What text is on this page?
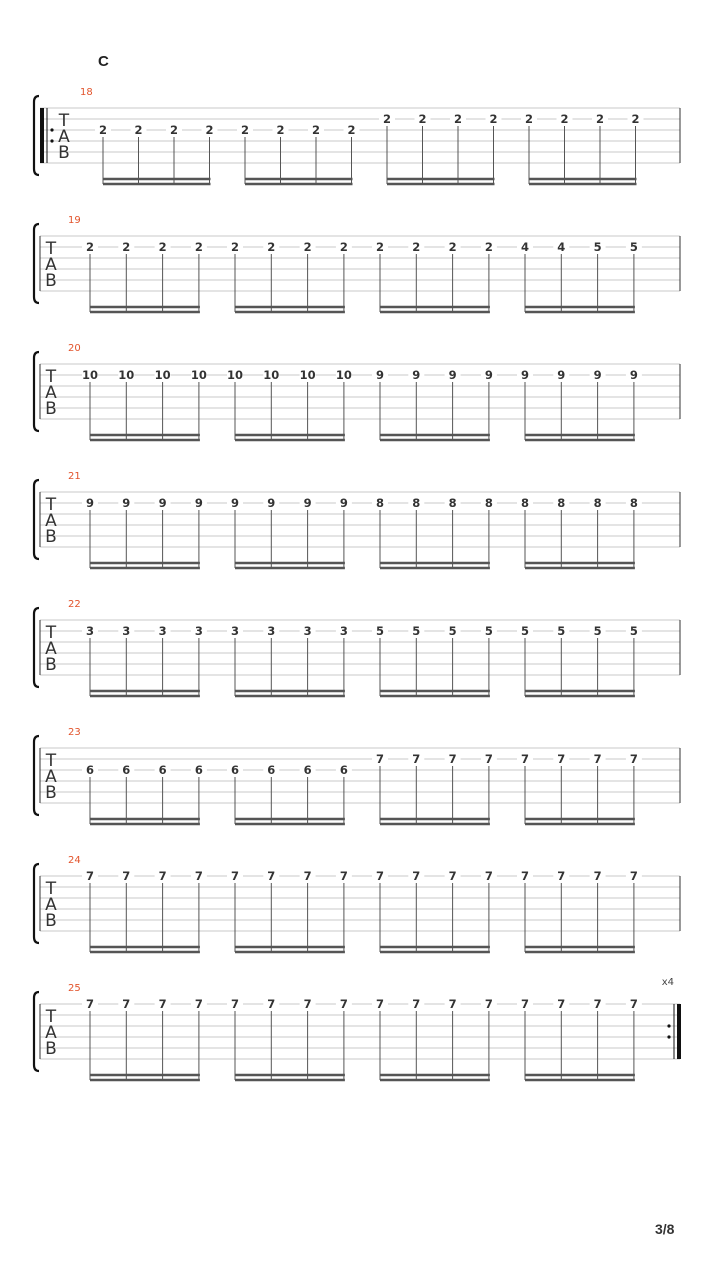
C
18
T
A
B
2 2 2 2 2 2 2 2
2 2 2 2 2 2 2 2
19
T
A
B
2 2 2 2 2 2 2 2 2 2 2 2 4 4 5 5
20
T
A
B
10 10 10 10 10 10 10 10 9 9 9 9 9 9 9 9
21
T
A
B
9 9 9 9 9 9 9 9 8 8 8 8 8 8 8 8
22
T
A
B
3 3 3 3 3 3 3 3 5 5 5 5 5 5 5 5
23
T
A
B
6 6 6 6 6 6 6 6
7 7 7 7 7 7 7 7
24
T
A
B
7 7 7 7 7 7 7 7 7 7 7 7 7 7 7 7
x4
25
T
A
B
7 7 7 7 7 7 7 7 7 7 7 7 7 7 7 7
3/8
